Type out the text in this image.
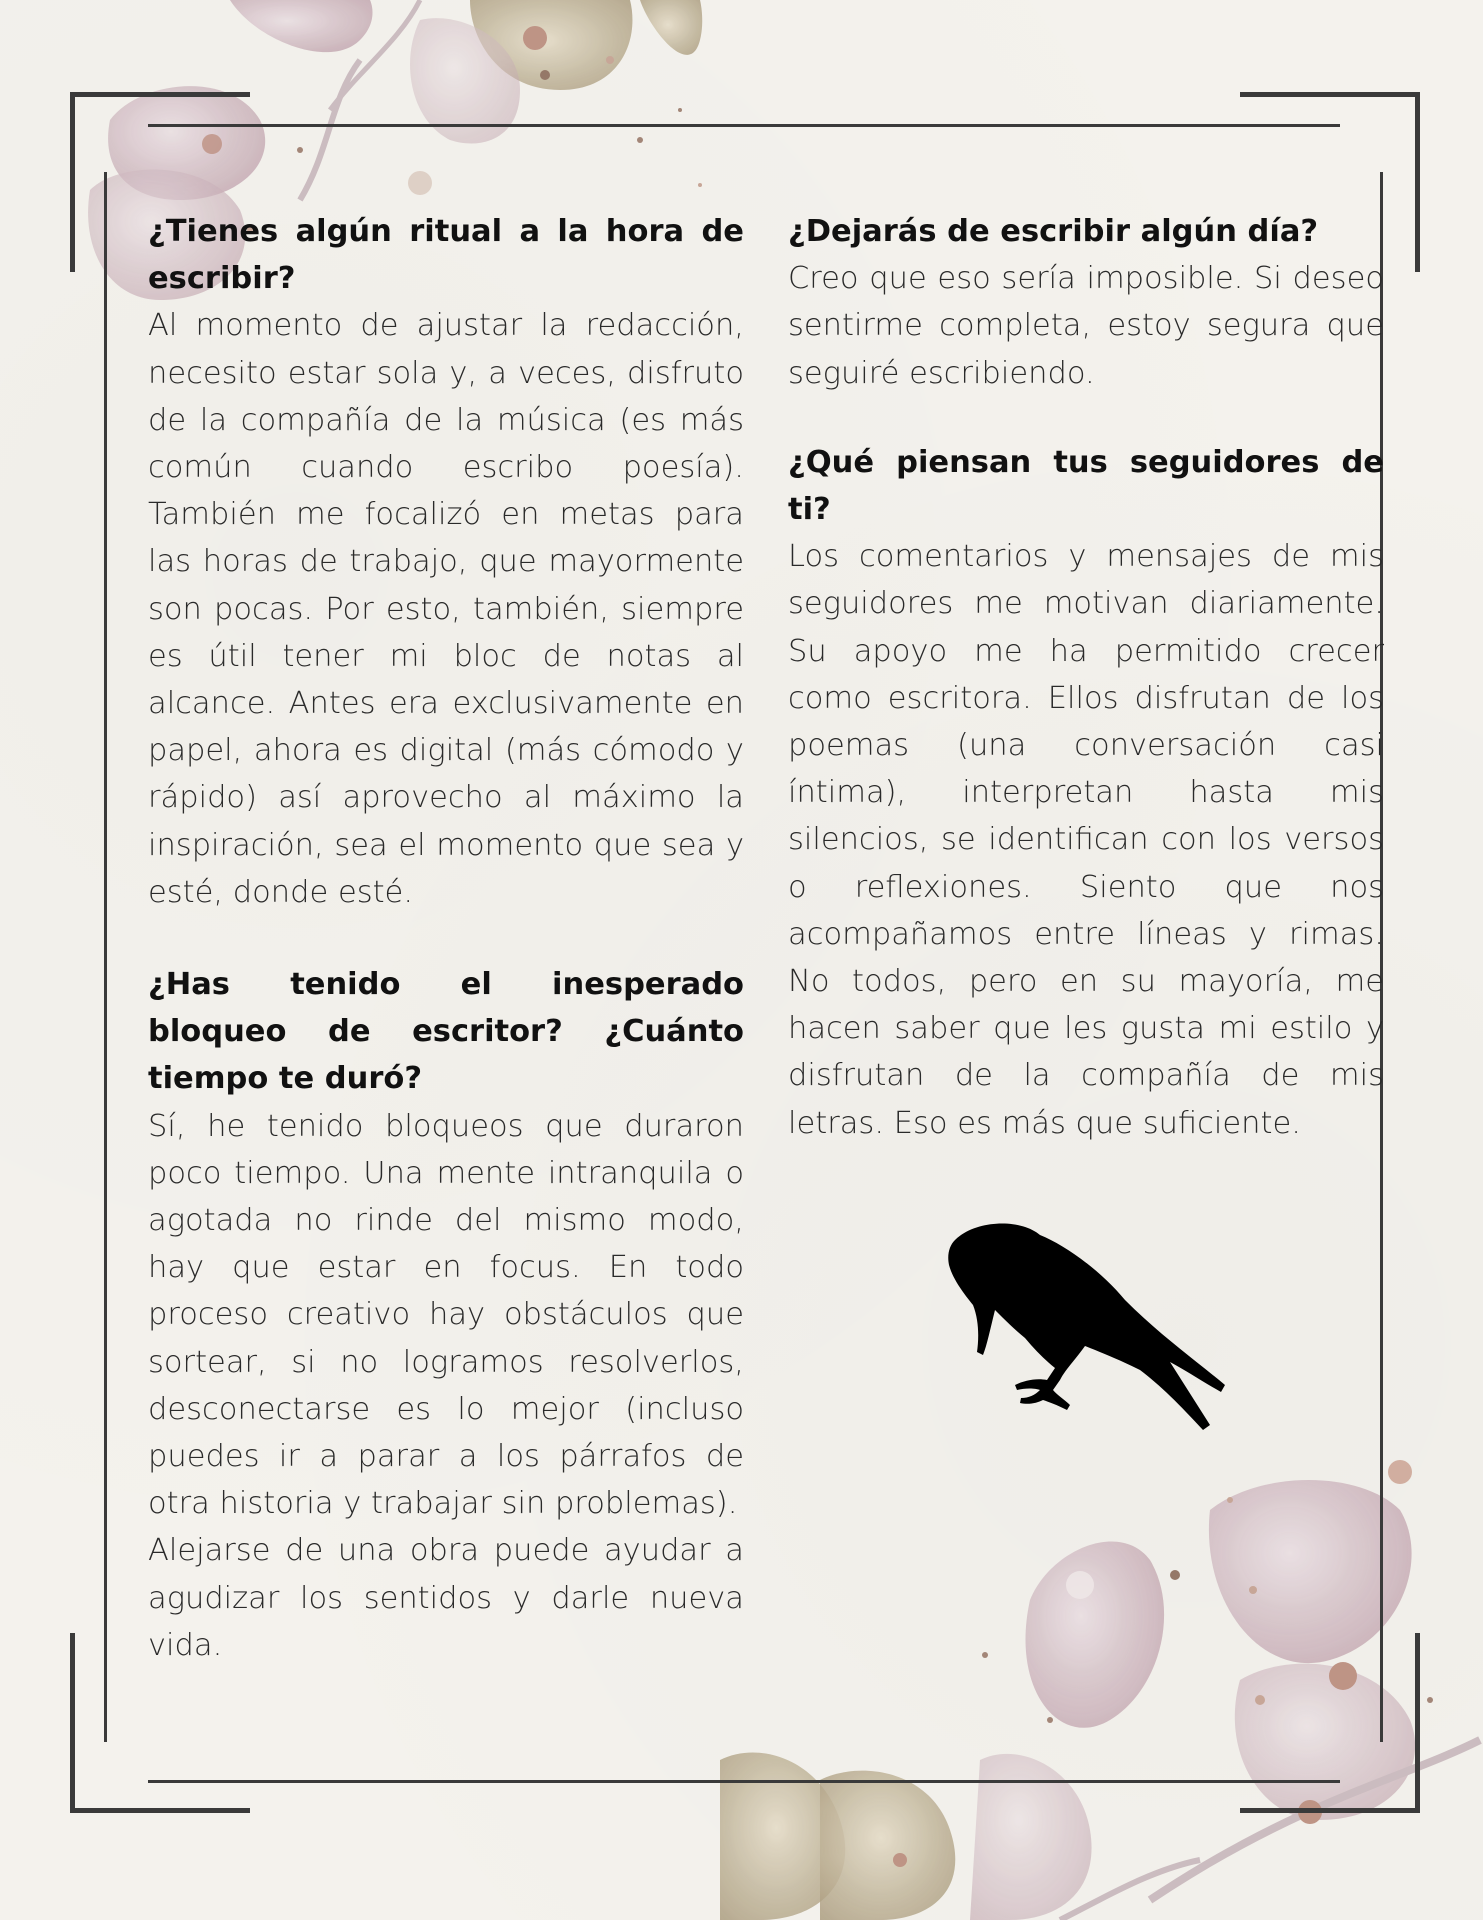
¿Tienes algún ritual a la hora de escribir?

Al momento de ajustar la redacción, necesito estar sola y, a veces, disfruto de la compañía de la música (es más común cuando escribo poesía). También me focalizó en metas para las horas de trabajo, que mayormente son pocas. Por esto, también, siempre es útil tener mi bloc de notas al alcance. Antes era exclusivamente en papel, ahora es digital (más cómodo y rápido) así aprovecho al máximo la inspiración, sea el momento que sea y esté, donde esté.

¿Has tenido el inesperado bloqueo de escritor? ¿Cuánto tiempo te duró?

Sí, he tenido bloqueos que duraron poco tiempo. Una mente intranquila o agotada no rinde del mismo modo, hay que estar en focus. En todo proceso creativo hay obstáculos que sortear, si no logramos resolverlos, desconectarse es lo mejor (incluso puedes ir a parar a los párrafos de otra historia y trabajar sin problemas).

Alejarse de una obra puede ayudar a agudizar los sentidos y darle nueva vida.

¿Dejarás de escribir algún día?

Creo que eso sería imposible. Si deseo sentirme completa, estoy segura que seguiré escribiendo.

¿Qué piensan tus seguidores de ti?

Los comentarios y mensajes de mis seguidores me motivan diariamente. Su apoyo me ha permitido crecer como escritora. Ellos disfrutan de los poemas (una conversación casi íntima), interpretan hasta mis silencios, se identifican con los versos o reflexiones. Siento que nos acompañamos entre líneas y rimas. No todos, pero en su mayoría, me hacen saber que les gusta mi estilo y disfrutan de la compañía de mis letras. Eso es más que suficiente.
